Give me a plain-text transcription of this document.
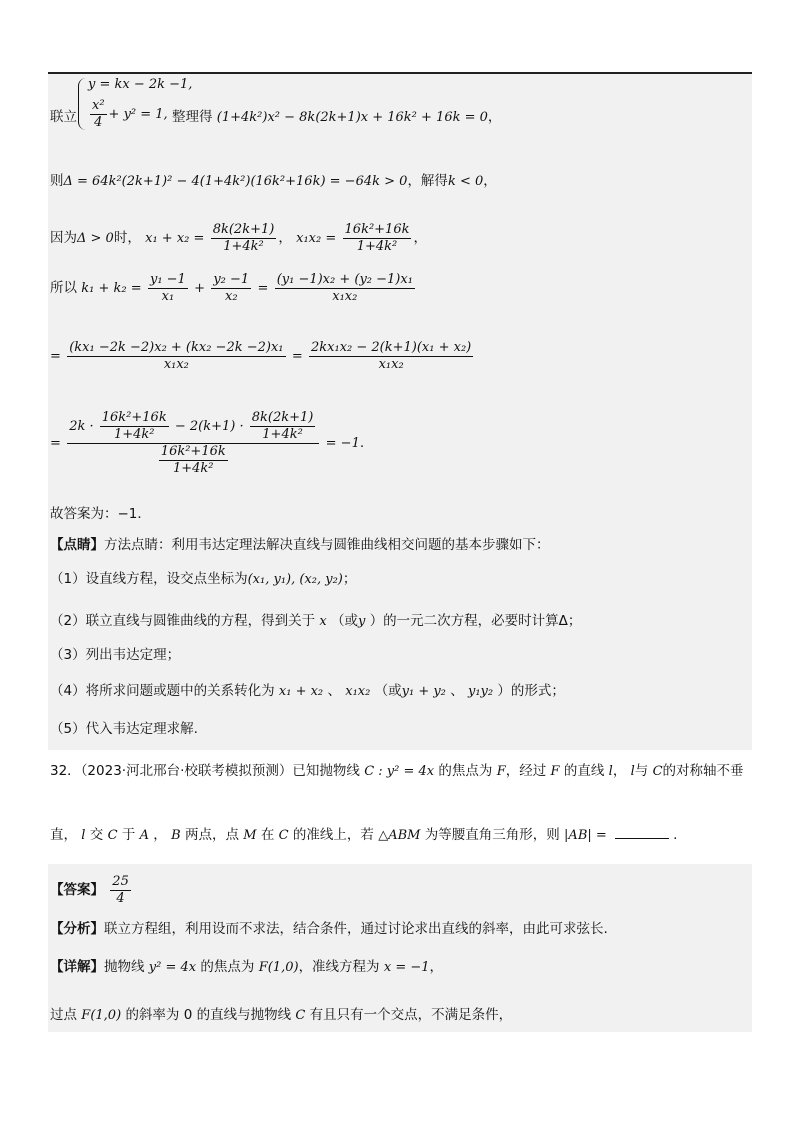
联立
y = kx − 2k −1,
$\frac{\text{x²}}{4} + y^2 = 1$, 整理得 (1+4k²)x² − 8k(2k+1)x + 16k² + 16k = 0，
则Δ = 64k²(2k+1)² − 4(1+4k²)(16k²+16k) = −64k > 0，解得k < 0，
因为Δ > 0时， $x_1 + x_2 = \frac{8k(2k+1)}{\text{1+4k²}}$ ， $x_1x_2 = \frac{\text{16k²+16k}}{\text{1+4k²}}$ ，
所以 $k_1 + k_2 = \frac{\text{y₁ −1}}{\text{x₁}} + \frac{\text{y₂ −1}}{\text{x₂}} = \frac{\text{(y₁ −1)x₂ + (y₂ −1)x₁}}{\text{x₁x₂}}$
= $\frac{\text{(kx₁ −2k −2)x₂ + (kx₂ −2k −2)x₁}}{\text{x₁x₂}} = \frac{\text{2kx₁x₂ − 2(k+1)(x₁ + x₂)}}{\text{x₁x₂}}$
=
$2k \cdot \frac{\text{16k²+16k}}{\text{1+4k²}} - 2(k+1) \cdot \frac{8k(2k+1)}{\text{1+4k²}}$
$\frac{\text{16k²+16k}}{\text{1+4k²}}$
= −1.
故答案为：−1．
【点睛】方法点睛：利用韦达定理法解决直线与圆锥曲线相交问题的基本步骤如下：
（1）设直线方程，设交点坐标为(x₁, y₁), (x₂, y₂)；
（2）联立直线与圆锥曲线的方程，得到关于 x （或y ）的一元二次方程，必要时计算Δ；
（3）列出韦达定理；
（4）将所求问题或题中的关系转化为 x₁ + x₂ 、 x₁x₂ （或y₁ + y₂ 、 y₁y₂ ）的形式；
（5）代入韦达定理求解.
32．（2023·河北邢台·校联考模拟预测）已知抛物线 C : y² = 4x 的焦点为 F，经过 F 的直线 l， l与 C的对称轴不垂
直， l 交 C 于 A ， B 两点，点 M 在 C 的准线上，若 △ABM 为等腰直角三角形，则 |AB| =	.
【答案】 $\frac{25}{4}$
【分析】联立方程组，利用设而不求法，结合条件，通过讨论求出直线的斜率，由此可求弦长.
【详解】抛物线 y² = 4x 的焦点为 F(1,0)，准线方程为 x = −1，
过点 F(1,0) 的斜率为 0 的直线与抛物线 C 有且只有一个交点，不满足条件，
